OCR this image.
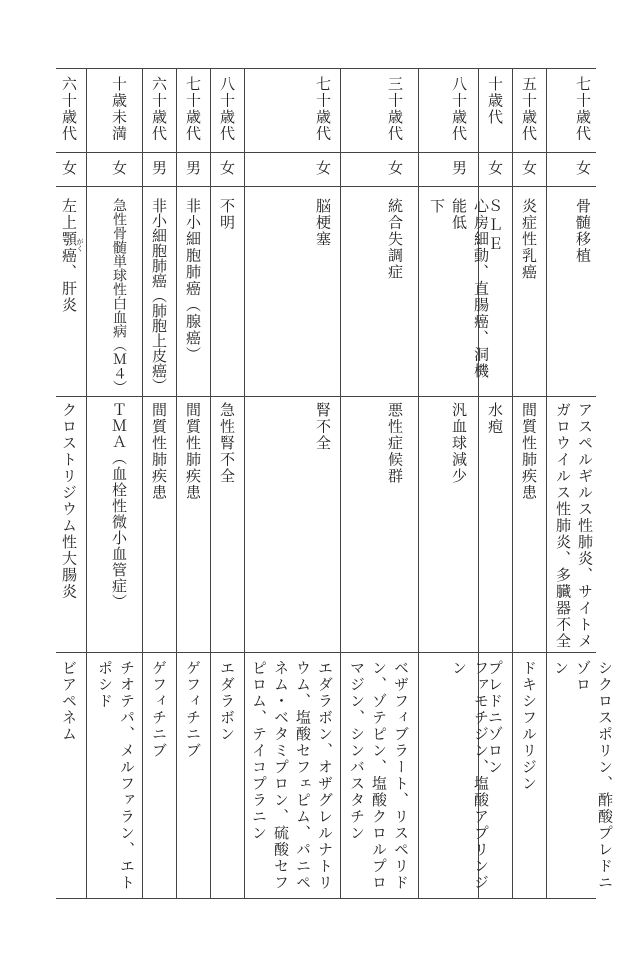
七十歳代
女
骨髄移植
アスペルギルス性肺炎、サイトメガロウイルス性肺炎、多臓器不全
シクロスポリン、酢酸プレドニゾロ
ン
五十歳代
女
炎症性乳癌
間質性肺疾患
ドキシフルリジン
十歳代
女
ＳＬＥ
水疱
プレドニゾロン
八十歳代
男
心房細動、直腸癌、洞機能低
下
汎血球減少
ファモチジン、塩酸アプリンジン
三十歳代
女
統合失調症
悪性症候群
ベザフィブラート、リスペリドン、ゾテピン、塩酸クロルプロマジン、シンバスタチン
七十歳代
女
脳梗塞
腎不全
エダラボン、オザグレルナトリウム、塩酸セフェピム、パニペネム・ベタミプロン、硫酸セフピロム、テイコプラニン
八十歳代
女
不明
急性腎不全
エダラボン
七十歳代
男
非小細胞肺癌（腺癌）
間質性肺疾患
ゲフィチニブ
六十歳代
男
非小細胞肺癌（肺胞上皮癌）
間質性肺疾患
ゲフィチニブ
十歳未満
女
急性骨髄単球性白血病（Ｍ４）
ＴＭＡ（血栓性微小血管症）
チオテパ、メルファラン、エトポシド
六十歳代
女
左上顎癌、肝炎
がく
クロストリジウム性大腸炎
ビアペネム
